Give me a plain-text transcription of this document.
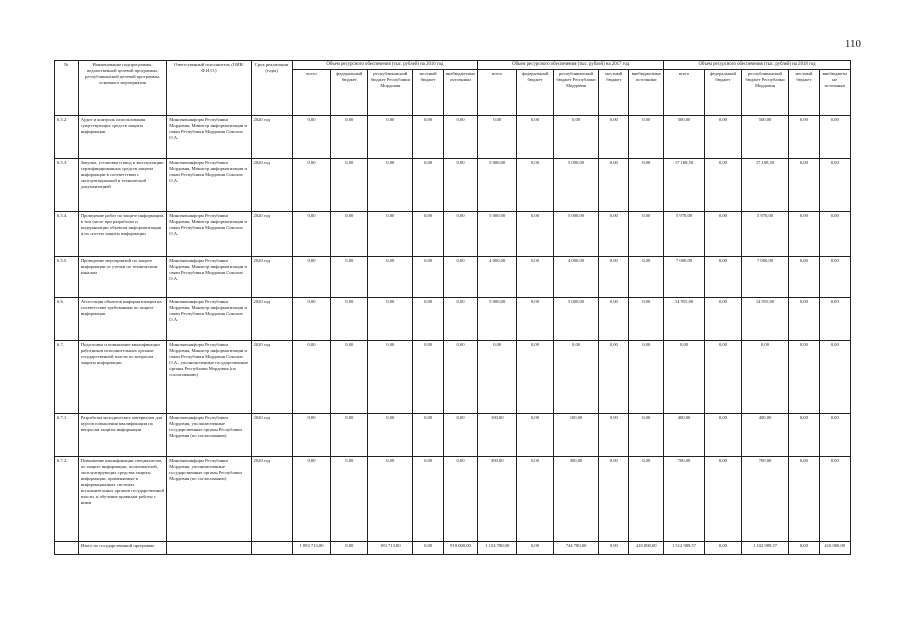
110
№	Наименование подпрограммы, ведомственной целевой программы, республиканской целевой программы, основного мероприятия	Ответственный исполнитель (ОИВ/Ф.И.О.)	Срок реализации (годы)	Объем ресурсного обеспечения (тыс. рублей) на 2016 год					Объем ресурсного обеспечения (тыс. рублей) на 2017 год					Объем ресурсного обеспечения (тыс. рублей) на 2018 год				
				всего	федеральный бюджет	республиканский бюджет Республики Мордовия	местный бюджет	внебюджетные источники	всего	федеральный бюджет	республиканский бюджет Республики Мордовия	местный бюджет	внебюджетные источники	всего	федеральный бюджет	республиканский бюджет Республики Мордовия	местный бюджет	внебюджетные источники
6.5.2.	Аудит и контроль использования существующих средств защиты информации	Минсвязьинформ Республики Мордовия, Министр информатизации и связи Республики Мордовия Соколов О.А.	2020 год	0,00	0,00	0,00	0,00	0,00	0,00	0,00	0,00	0,00	0,00	500,00	0,00	500,00	0,00	0,00
6.5.3.	Закупка, установка и ввод в эксплуатацию сертифицированных средств защиты информации в соответствии с эксплуатационной и технической документацией	Минсвязьинформ Республики Мордовия, Министр информатизации и связи Республики Мордовия Соколов О.А.	2020 год	0,00	0,00	0,00	0,00	0,00	5 000,00	0,00	5 000,00	0,00	0,00	17 168,50	0,00	17 168,50	0,00	0,00
6.5.4.	Проведение работ по защите информации, в том числе при разработке и модернизации объектов информатизации и их систем защиты информации	Минсвязьинформ Республики Мордовия, Министр информатизации и связи Республики Мордовия Соколов О.А.	2020 год	0,00	0,00	0,00	0,00	0,00	5 000,00	0,00	5 000,00	0,00	0,00	5 970,00	0,00	5 970,00	0,00	0,00
6.5.5.	Проведение мероприятий по защите информации от утечки по техническим каналам	Минсвязьинформ Республики Мордовия, Министр информатизации и связи Республики Мордовия Соколов О.А.	2020 год	0,00	0,00	0,00	0,00	0,00	4 000,00	0,00	4 000,00	0,00	0,00	7 000,00	0,00	7 000,00	0,00	0,00
6.6.	Аттестация объектов информатизации на соответствие требованиям по защите информации	Минсвязьинформ Республики Мордовия, Министр информатизации и связи Республики Мордовия Соколов О.А.	2020 год	0,00	0,00	0,00	0,00	0,00	5 000,00	0,00	5 000,00	0,00	0,00	14 955,00	0,00	14 955,00	0,00	0,00
6.7.	Подготовка и повышение квалификации работников исполнительных органов государственной власти по вопросам защиты информации	Минсвязьинформ Республики Мордовия, Министр информатизации и связи Республики Мордовия Соколов О.А., уполномоченные государственные органы Республики Мордовия (по согласованию)	2020 год	0,00	0,00	0,00	0,00	0,00	0,00	0,00	0,00	0,00	0,00	0,00	0,00	0,00	0,00	0,00
6.7.1.	Разработка методических материалов для курсов повышения квалификации по вопросам защиты информации	Минсвязьинформ Республики Мордовия, уполномоченные государственные органы Республики Мордовия (по согласованию)	2020 год	0,00	0,00	0,00	0,00	0,00	100,00	0,00	100,00	0,00	0,00	400,00	0,00	400,00	0,00	0,00
6.7.2.	Повышение квалификации специалистов по защите информации, пользователей, эксплуатирующих средства защиты информации, применяемые в информационных системах исполнительных органов государственной власти, и обучение правилам работы с ними	Минсвязьинформ Республики Мордовия, уполномоченные государственные органы Республики Мордовия (по согласованию)	2020 год	0,00	0,00	0,00	0,00	0,00	300,00	0,00	300,00	0,00	0,00	700,00	0,00	700,00	0,00	0,00
	Итого по государственной программе			1 093 713,80	0,00	183 713,80	0,00	910 000,00	1 154 780,00	0,00	744 780,00	0,00	410 000,00	1 512 989,57	0,00	1 102 989,57	0,00	410 000,00
